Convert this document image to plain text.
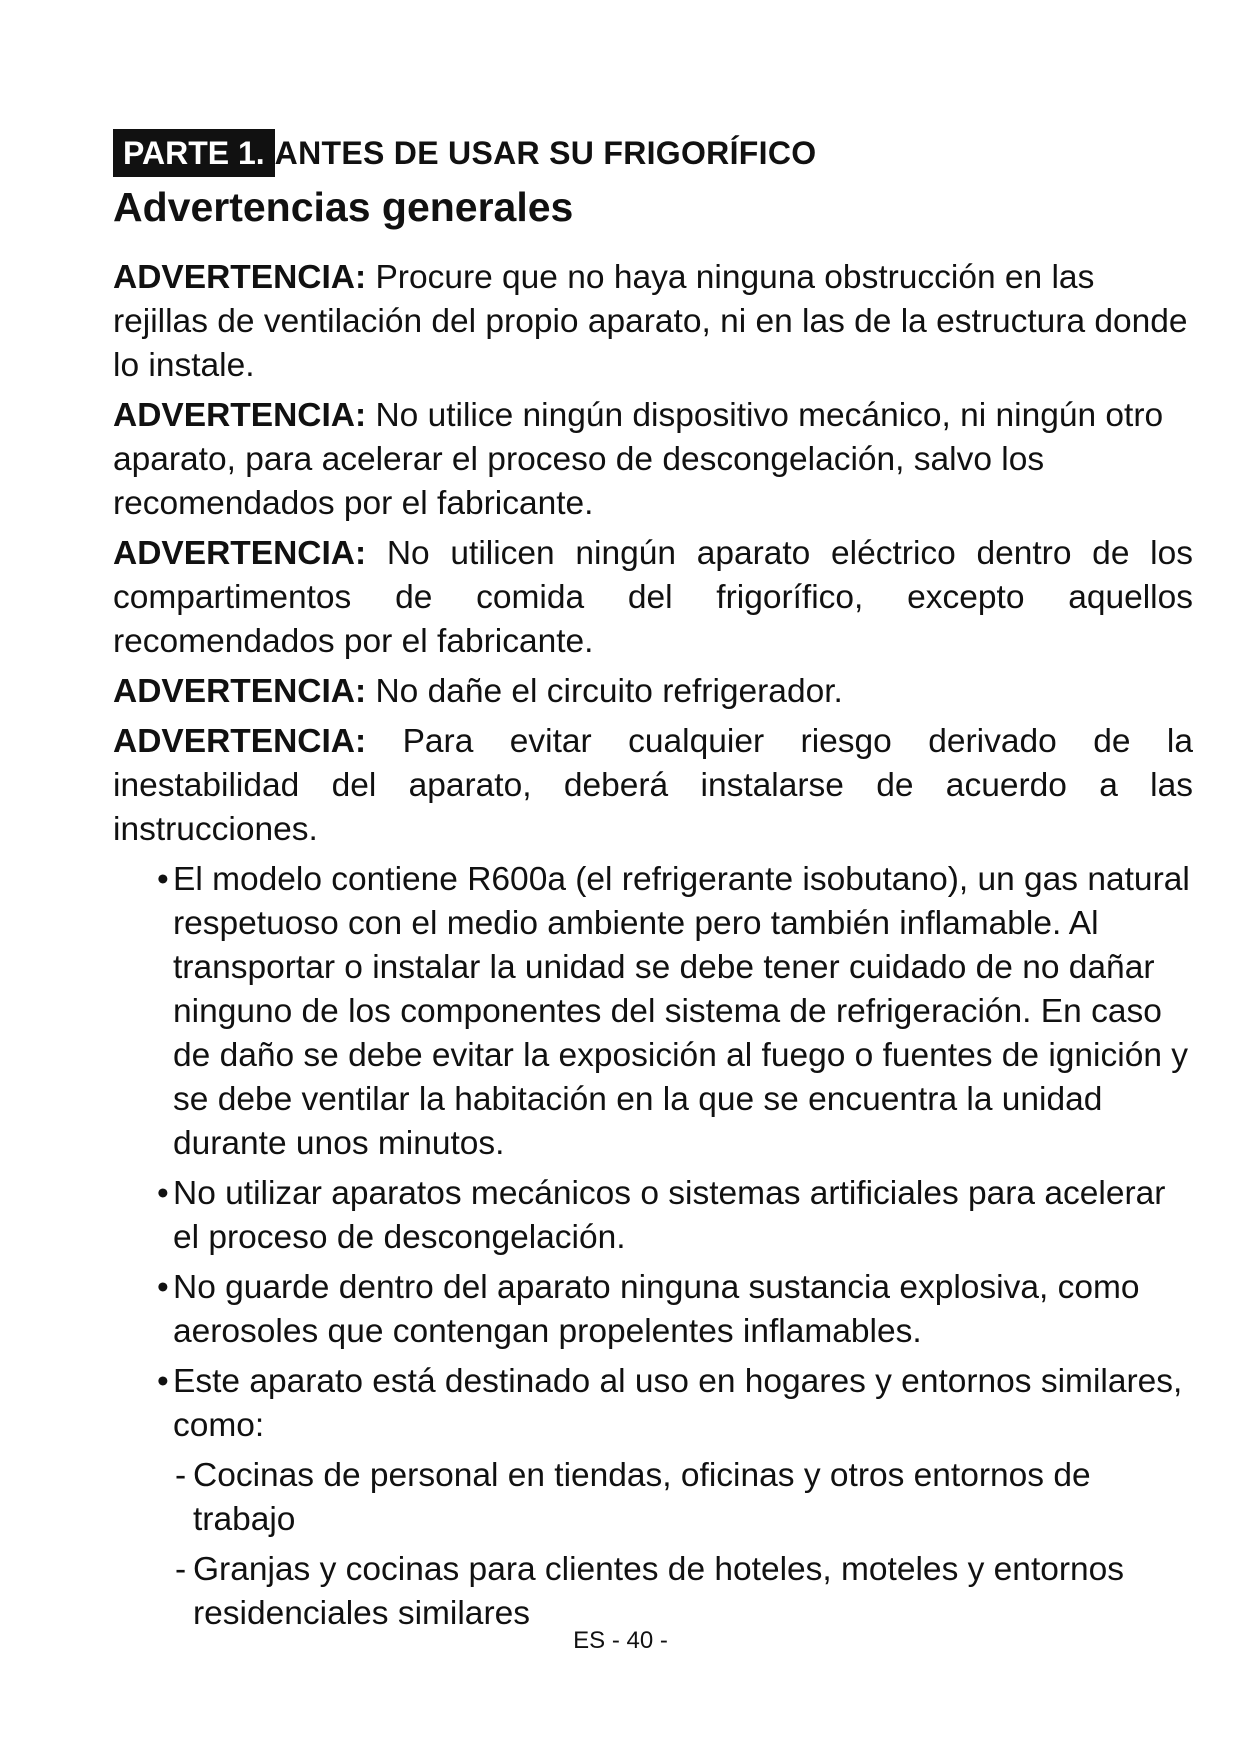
PARTE 1. ANTES DE USAR SU FRIGORÍFICO
Advertencias generales

ADVERTENCIA: Procure que no haya ninguna obstrucción en las rejillas de ventilación del propio aparato, ni en las de la estructura donde lo instale.

ADVERTENCIA: No utilice ningún dispositivo mecánico, ni ningún otro aparato, para acelerar el proceso de descongelación, salvo los recomendados por el fabricante.

ADVERTENCIA: No utilicen ningún aparato eléctrico dentro de los compartimentos de comida del frigorífico, excepto aquellos recomendados por el fabricante.

ADVERTENCIA: No dañe el circuito refrigerador.

ADVERTENCIA: Para evitar cualquier riesgo derivado de la inestabilidad del aparato, deberá instalarse de acuerdo a las instrucciones.

• El modelo contiene R600a (el refrigerante isobutano), un gas natural respetuoso con el medio ambiente pero también inflamable. Al transportar o instalar la unidad se debe tener cuidado de no dañar ninguno de los componentes del sistema de refrigeración. En caso de daño se debe evitar la exposición al fuego o fuentes de ignición y se debe ventilar la habitación en la que se encuentra la unidad durante unos minutos.
• No utilizar aparatos mecánicos o sistemas artificiales para acelerar el proceso de descongelación.
• No guarde dentro del aparato ninguna sustancia explosiva, como aerosoles que contengan propelentes inflamables.
• Este aparato está destinado al uso en hogares y entornos similares, como:
- Cocinas de personal en tiendas, oficinas y otros entornos de trabajo
- Granjas y cocinas para clientes de hoteles, moteles y entornos residenciales similares
ES - 40 -
